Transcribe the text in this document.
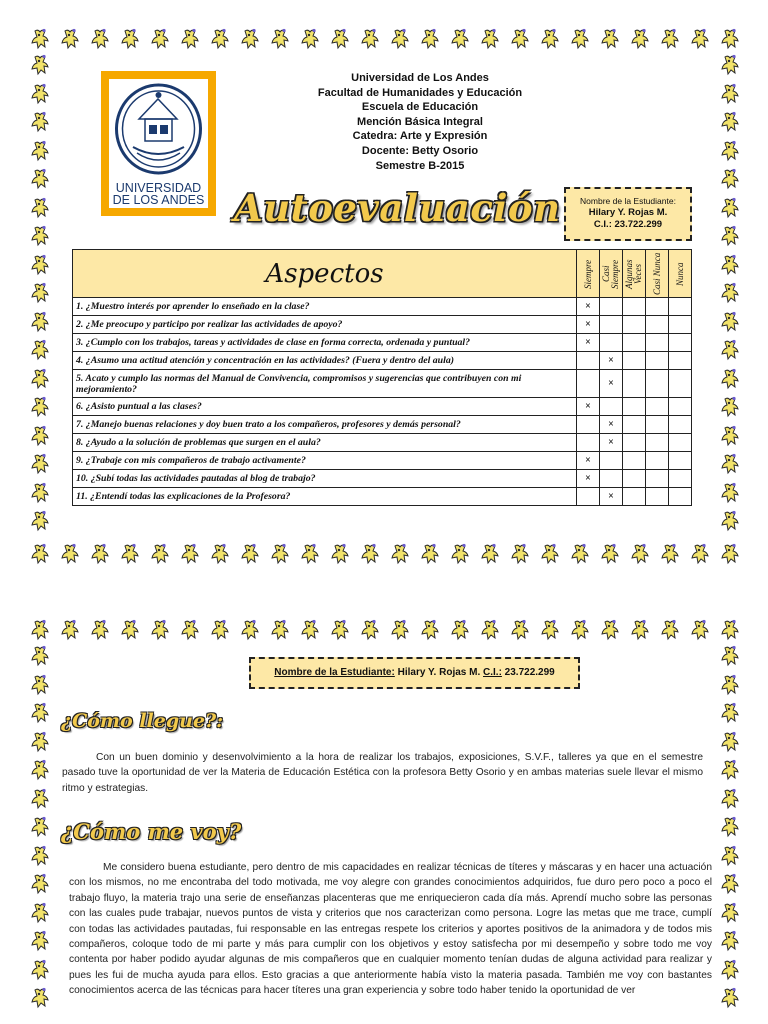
UNIVERSIDAD
DE LOS ANDES
Universidad de Los Andes
Facultad de Humanidades y Educación
Escuela de Educación
Mención Básica Integral
Catedra: Arte y Expresión
Docente: Betty Osorio
Semestre B-2015
Autoevaluación	Nombre de la Estudiante:
Hilary Y. Rojas M.
C.I.: 23.722.299
Aspectos	Siempre	Casi Siempre	Algunas Veces	Casi Nunca	Nunca

1. ¿Muestro interés por aprender lo enseñado en la clase?	×				
2. ¿Me preocupo y participo por realizar las actividades de apoyo?	×				
3. ¿Cumplo con los trabajos, tareas y actividades de clase en forma correcta, ordenada y puntual?	×				
4. ¿Asumo una actitud atención y concentración en las actividades? (Fuera y dentro del aula)		×			
5. Acato y cumplo las normas del Manual de Convivencia, compromisos y sugerencias que contribuyen con mi mejoramiento?		×			
6. ¿Asisto puntual a las clases?	×				
7. ¿Manejo buenas relaciones y doy buen trato a los compañeros, profesores y demás personal?		×			
8. ¿Ayudo a la solución de problemas que surgen en el aula?		×			
9. ¿Trabaje con mis compañeros de trabajo activamente?	×				
10. ¿Subí todas las actividades pautadas al blog de trabajo?	×				
11. ¿Entendí todas las explicaciones de la Profesora?		×			
Nombre de la Estudiante: Hilary Y. Rojas M. C.I.: 23.722.299
¿Cómo llegue?:
Con un buen dominio y desenvolvimiento a la hora de realizar los trabajos, exposiciones, S.V.F., talleres ya que en el semestre pasado tuve la oportunidad de ver la Materia de Educación Estética con la profesora Betty Osorio y en ambas materias suele llevar el mismo ritmo y estrategias.
¿Cómo me voy?
Me considero buena estudiante, pero dentro de mis capacidades en realizar técnicas de títeres y máscaras y en hacer una actuación con los mismos, no me encontraba del todo motivada, me voy alegre con grandes conocimientos adquiridos, fue duro pero poco a poco el trabajo fluyo, la materia trajo una serie de enseñanzas placenteras que me enriquecieron cada día más. Aprendí mucho sobre las personas con las cuales pude trabajar, nuevos puntos de vista y criterios que nos caracterizan como persona. Logre las metas que me trace, cumplí con todas las actividades pautadas, fui responsable en las entregas respete los criterios y aportes positivos de la animadora y de todos mis compañeros, coloque todo de mi parte y más para cumplir con los objetivos y estoy satisfecha por mi desempeño y sobre todo me voy contenta por haber podido ayudar algunas de mis compañeros que en cualquier momento tenían dudas de alguna actividad para realizar y pues les fui de mucha ayuda para ellos. Esto gracias a que anteriormente había visto la materia pasada. También me voy con bastantes conocimientos acerca de las técnicas para hacer títeres una gran experiencia y sobre todo haber tenido la oportunidad de ver
